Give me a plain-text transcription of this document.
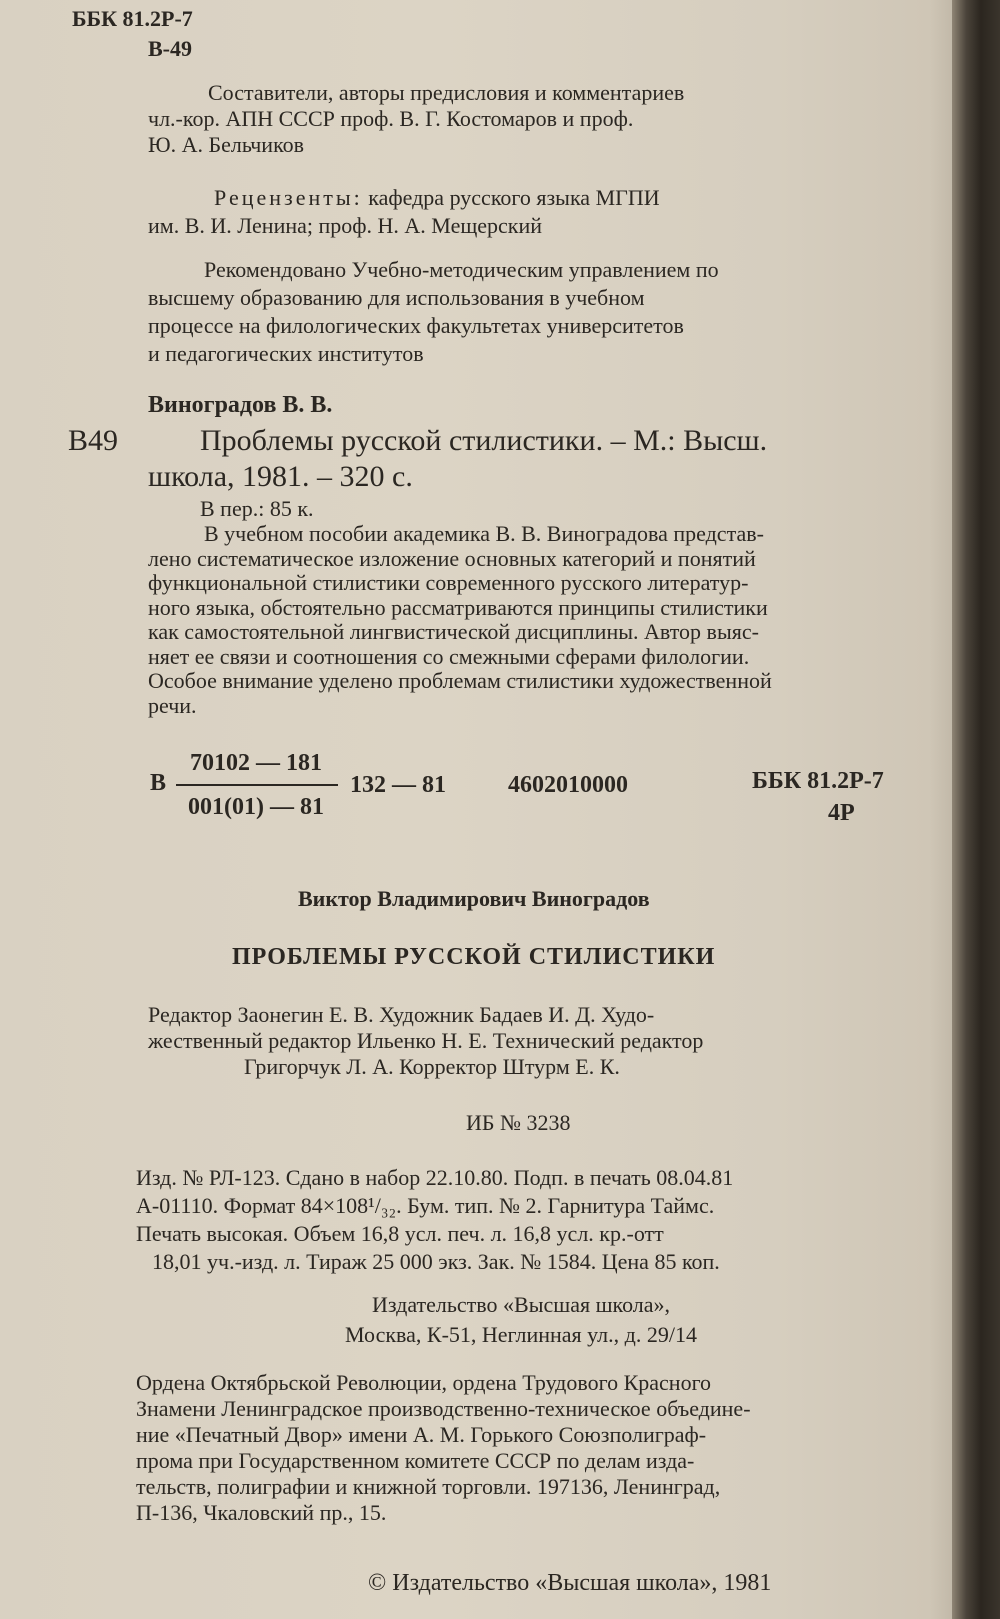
ББК 81.2Р-7
В-49
Составители, авторы предисловия и комментариев
чл.-кор. АПН СССР проф. В. Г. Костомаров и проф.
Ю. А. Бельчиков
Рецензенты: кафедра русского языка МГПИ
им. В. И. Ленина; проф. Н. А. Мещерский
Рекомендовано Учебно-методическим управлением по
высшему образованию для использования в учебном
процессе на филологических факультетах университетов
и педагогических институтов
Виноградов В. В.
В49	Проблемы русской стилистики. – М.: Высш.
школа, 1981. – 320 с.
В пер.: 85 к.
В учебном пособии академика В. В. Виноградова представ-
лено систематическое изложение основных категорий и понятий
функциональной стилистики современного русского литератур-
ного языка, обстоятельно рассматриваются принципы стилистики
как самостоятельной лингвистической дисциплины. Автор выяс-
няет ее связи и соотношения со смежными сферами филологии.
Особое внимание уделено проблемам стилистики художественной
речи.
В
70102 — 181
001(01) — 81
132 — 81	4602010000	ББК 81.2Р-7
4Р
Виктор Владимирович Виноградов
ПРОБЛЕМЫ РУССКОЙ СТИЛИСТИКИ
Редактор Заонегин Е. В. Художник Бадаев И. Д. Худо-
жественный редактор Ильенко Н. Е. Технический редактор
Григорчук Л. А. Корректор Штурм Е. К.
ИБ № 3238
Изд. № РЛ-123. Сдано в набор 22.10.80. Подп. в печать 08.04.81
А-01110. Формат 84×108¹/₃₂. Бум. тип. № 2. Гарнитура Таймс.
Печать высокая. Объем 16,8 усл. печ. л. 16,8 усл. кр.-отт
18,01 уч.-изд. л. Тираж 25 000 экз. Зак. № 1584. Цена 85 коп.
Издательство «Высшая школа»,
Москва, К-51, Неглинная ул., д. 29/14
Ордена Октябрьской Революции, ордена Трудового Красного
Знамени Ленинградское производственно-техническое объедине-
ние «Печатный Двор» имени А. М. Горького Союзполиграф-
прома при Государственном комитете СССР по делам изда-
тельств, полиграфии и книжной торговли. 197136, Ленинград,
П-136, Чкаловский пр., 15.
© Издательство «Высшая школа», 1981
